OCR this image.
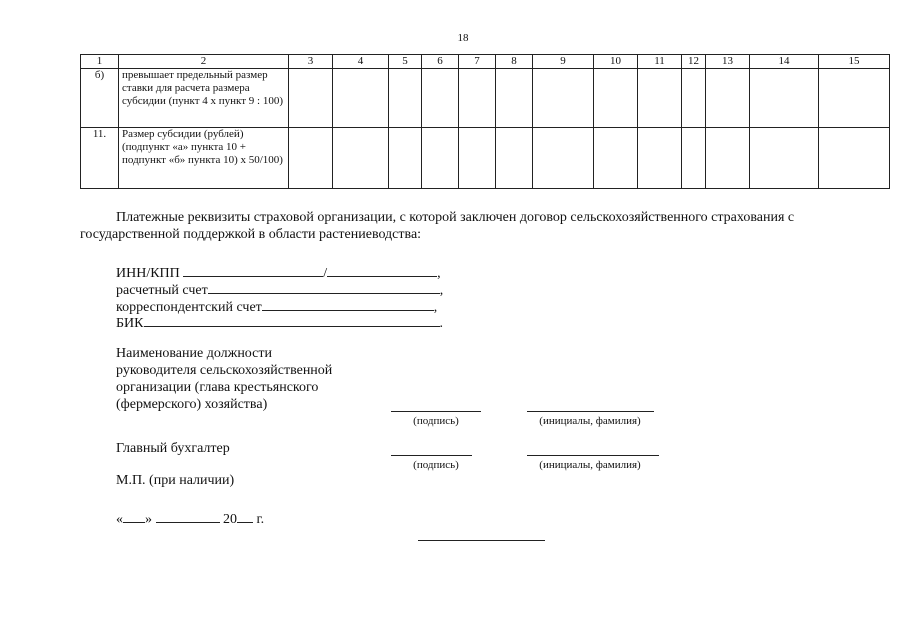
18
1	2	3	4	5	6	7	8	9	10	11	12	13	14	15
б)	превышает предельный размер ставки для расчета размера субсидии (пункт 4 x пункт 9 : 100)													
11.	Размер субсидии (рублей) (подпункт «а» пункта 10 + подпункт «б» пункта 10) х 50/100)													
Платежные реквизиты страховой организации, с которой заключен договор сельскохозяйственного страхования с
государственной поддержкой в области растениеводства:
ИНН/КПП	/	,
расчетный счет	,
корреспондентский счет	,
БИК	.
Наименование должности
руководителя сельскохозяйственной
организации (глава крестьянского
(фермерского) хозяйства)
(подпись)	(инициалы, фамилия)
Главный бухгалтер
(подпись)	(инициалы, фамилия)
М.П. (при наличии)
« »	20 г.
